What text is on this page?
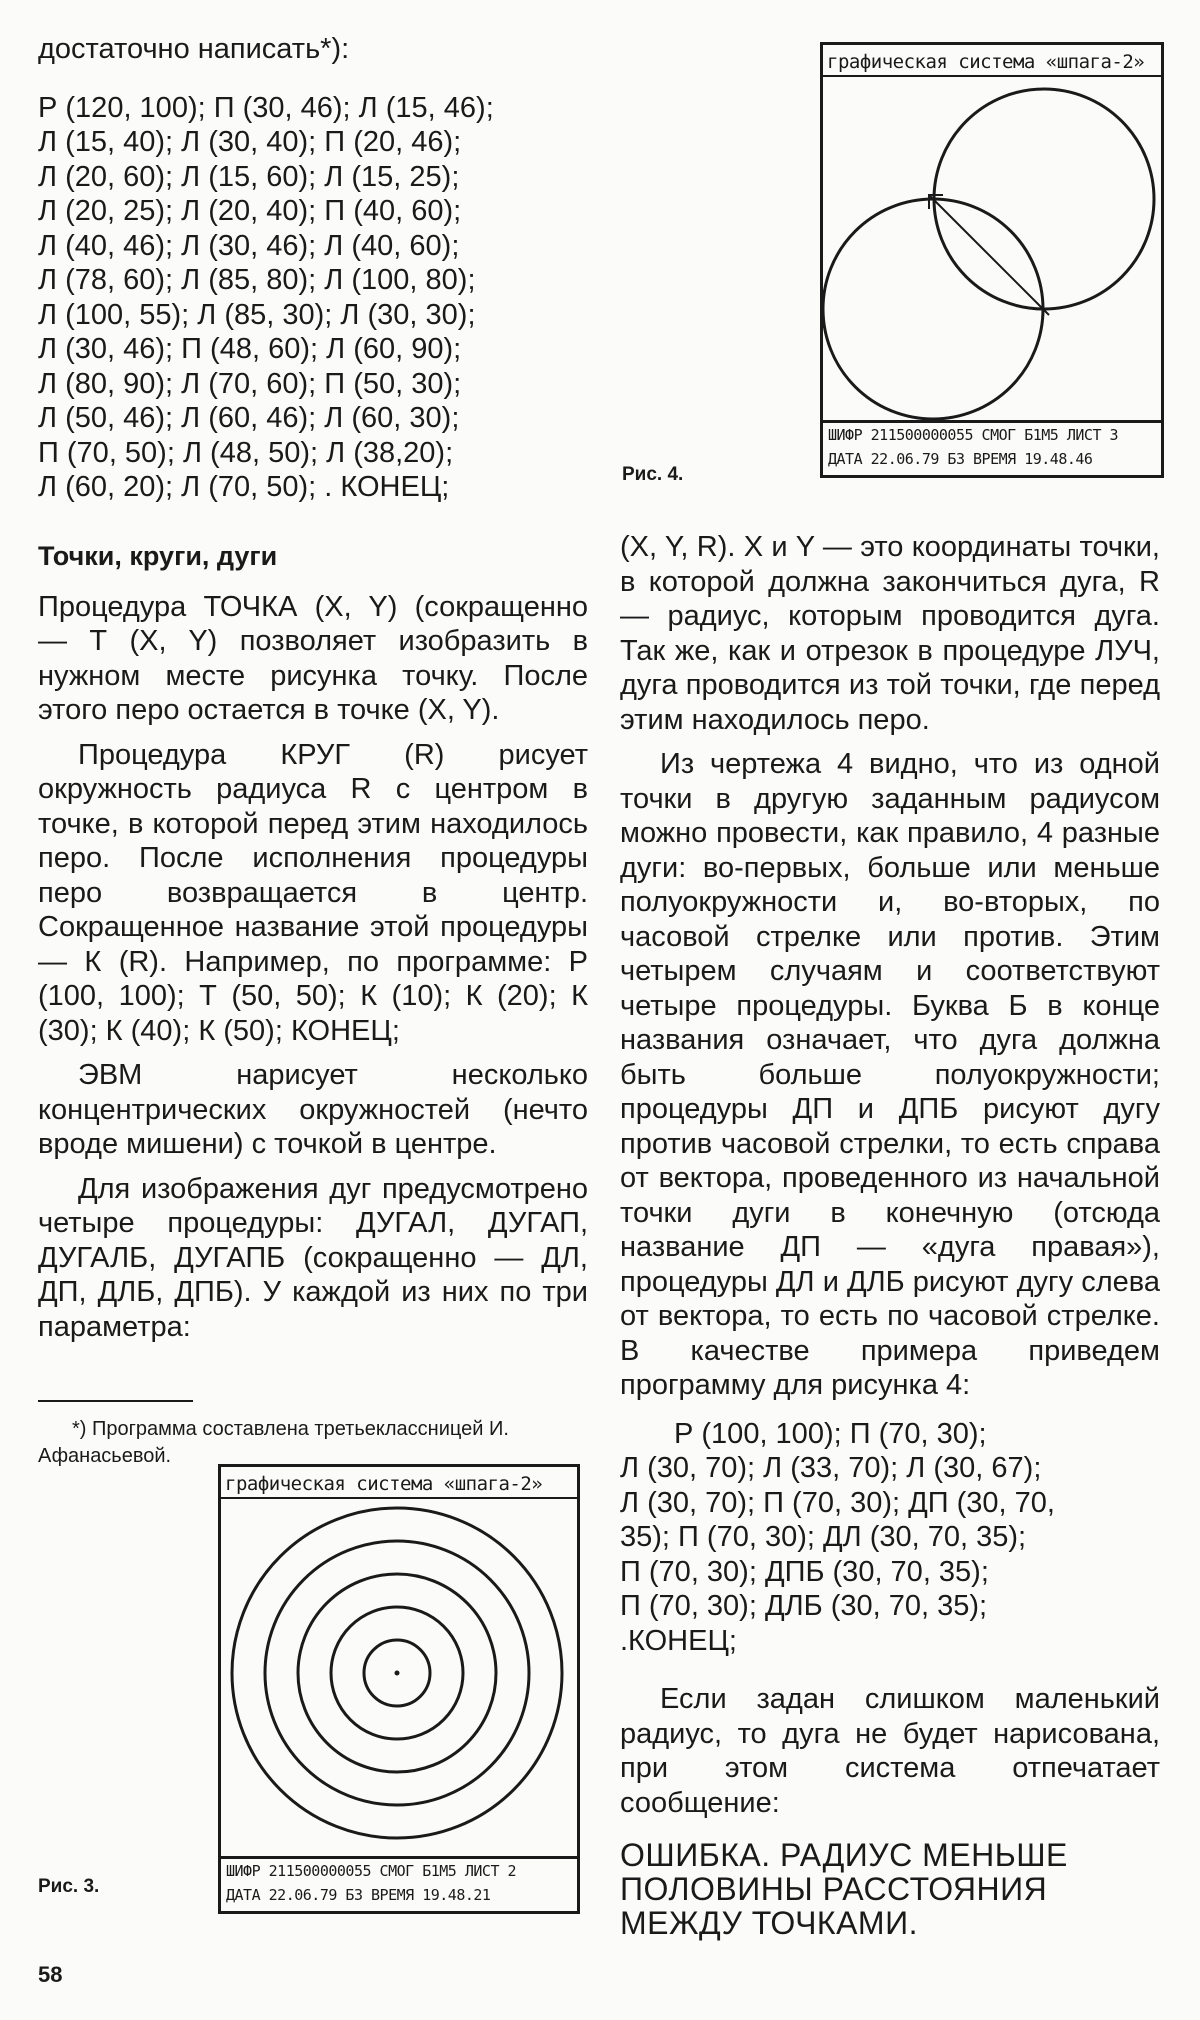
достаточно написать*):

Р (120, 100); П (30, 46); Л (15, 46);
Л (15, 40); Л (30, 40); П (20, 46);
Л (20, 60); Л (15, 60); Л (15, 25);
Л (20, 25); Л (20, 40); П (40, 60);
Л (40, 46); Л (30, 46); Л (40, 60);
Л (78, 60); Л (85, 80); Л (100, 80);
Л (100, 55); Л (85, 30); Л (30, 30);
Л (30, 46); П (48, 60); Л (60, 90);
Л (80, 90); Л (70, 60); П (50, 30);
Л (50, 46); Л (60, 46); Л (60, 30);
П (70, 50); Л (48, 50); Л (38,20);
Л (60, 20); Л (70, 50); . КОНЕЦ;
Точки, круги, дуги

Процедура ТОЧКА (X, Y) (сокращенно — Т (X, Y) позволяет изобразить в нужном месте рисунка точку. После этого перо остается в точке (X, Y).

Процедура КРУГ (R) рисует окружность радиуса R с центром в точке, в которой перед этим находилось перо. После исполнения процедуры перо возвращается в центр. Сокращенное название этой процедуры — К (R). Например, по программе: Р (100, 100); Т (50, 50); К (10); К (20); К (30); К (40); К (50); КОНЕЦ;

ЭВМ нарисует несколько концентрических окружностей (нечто вроде мишени) с точкой в центре.

Для изображения дуг предусмотрено четыре процедуры: ДУГАЛ, ДУГАП, ДУГАЛБ, ДУГАПБ (сокращенно — ДЛ, ДП, ДЛБ, ДПБ). У каждой из них по три параметра:

*) Программа составлена третьеклассницей И. Афанасьевой.

графическая система «шпага-2»
ШИФР 211500000055 СМОГ Б1М5 ЛИСТ 3
ДАТА 22.06.79 Б3 ВРЕМЯ 19.48.46
Рис. 4.

(X, Y, R). X и Y — это координаты точки, в которой должна закончиться дуга, R — радиус, которым проводится дуга. Так же, как и отрезок в процедуре ЛУЧ, дуга проводится из той точки, где перед этим находилось перо.

Из чертежа 4 видно, что из одной точки в другую заданным радиусом можно провести, как правило, 4 разные дуги: во-первых, больше или меньше полуокружности и, во-вторых, по часовой стрелке или против. Этим четырем случаям и соответствуют четыре процедуры. Буква Б в конце названия означает, что дуга должна быть больше полуокружности; процедуры ДП и ДПБ рисуют дугу против часовой стрелки, то есть справа от вектора, проведенного из начальной точки дуги в конечную (отсюда название ДП — «дуга правая»), процедуры ДЛ и ДЛБ рисуют дугу слева от вектора, то есть по часовой стрелке. В качестве примера приведем программу для рисунка 4:

Р (100, 100); П (70, 30);
Л (30, 70); Л (33, 70); Л (30, 67);
Л (30, 70); П (70, 30); ДП (30, 70,
35); П (70, 30); ДЛ (30, 70, 35);
П (70, 30); ДПБ (30, 70, 35);
П (70, 30); ДЛБ (30, 70, 35);
.КОНЕЦ;

Если задан слишком маленький радиус, то дуга не будет нарисована, при этом система отпечатает сообщение:

ОШИБКА. РАДИУС МЕНЬШЕ ПОЛОВИНЫ РАССТОЯНИЯ МЕЖДУ ТОЧКАМИ.
графическая система «шпага-2»
ШИФР 211500000055 СМОГ Б1М5 ЛИСТ 2
ДАТА 22.06.79 Б3 ВРЕМЯ 19.48.21
Рис. 3.
58
